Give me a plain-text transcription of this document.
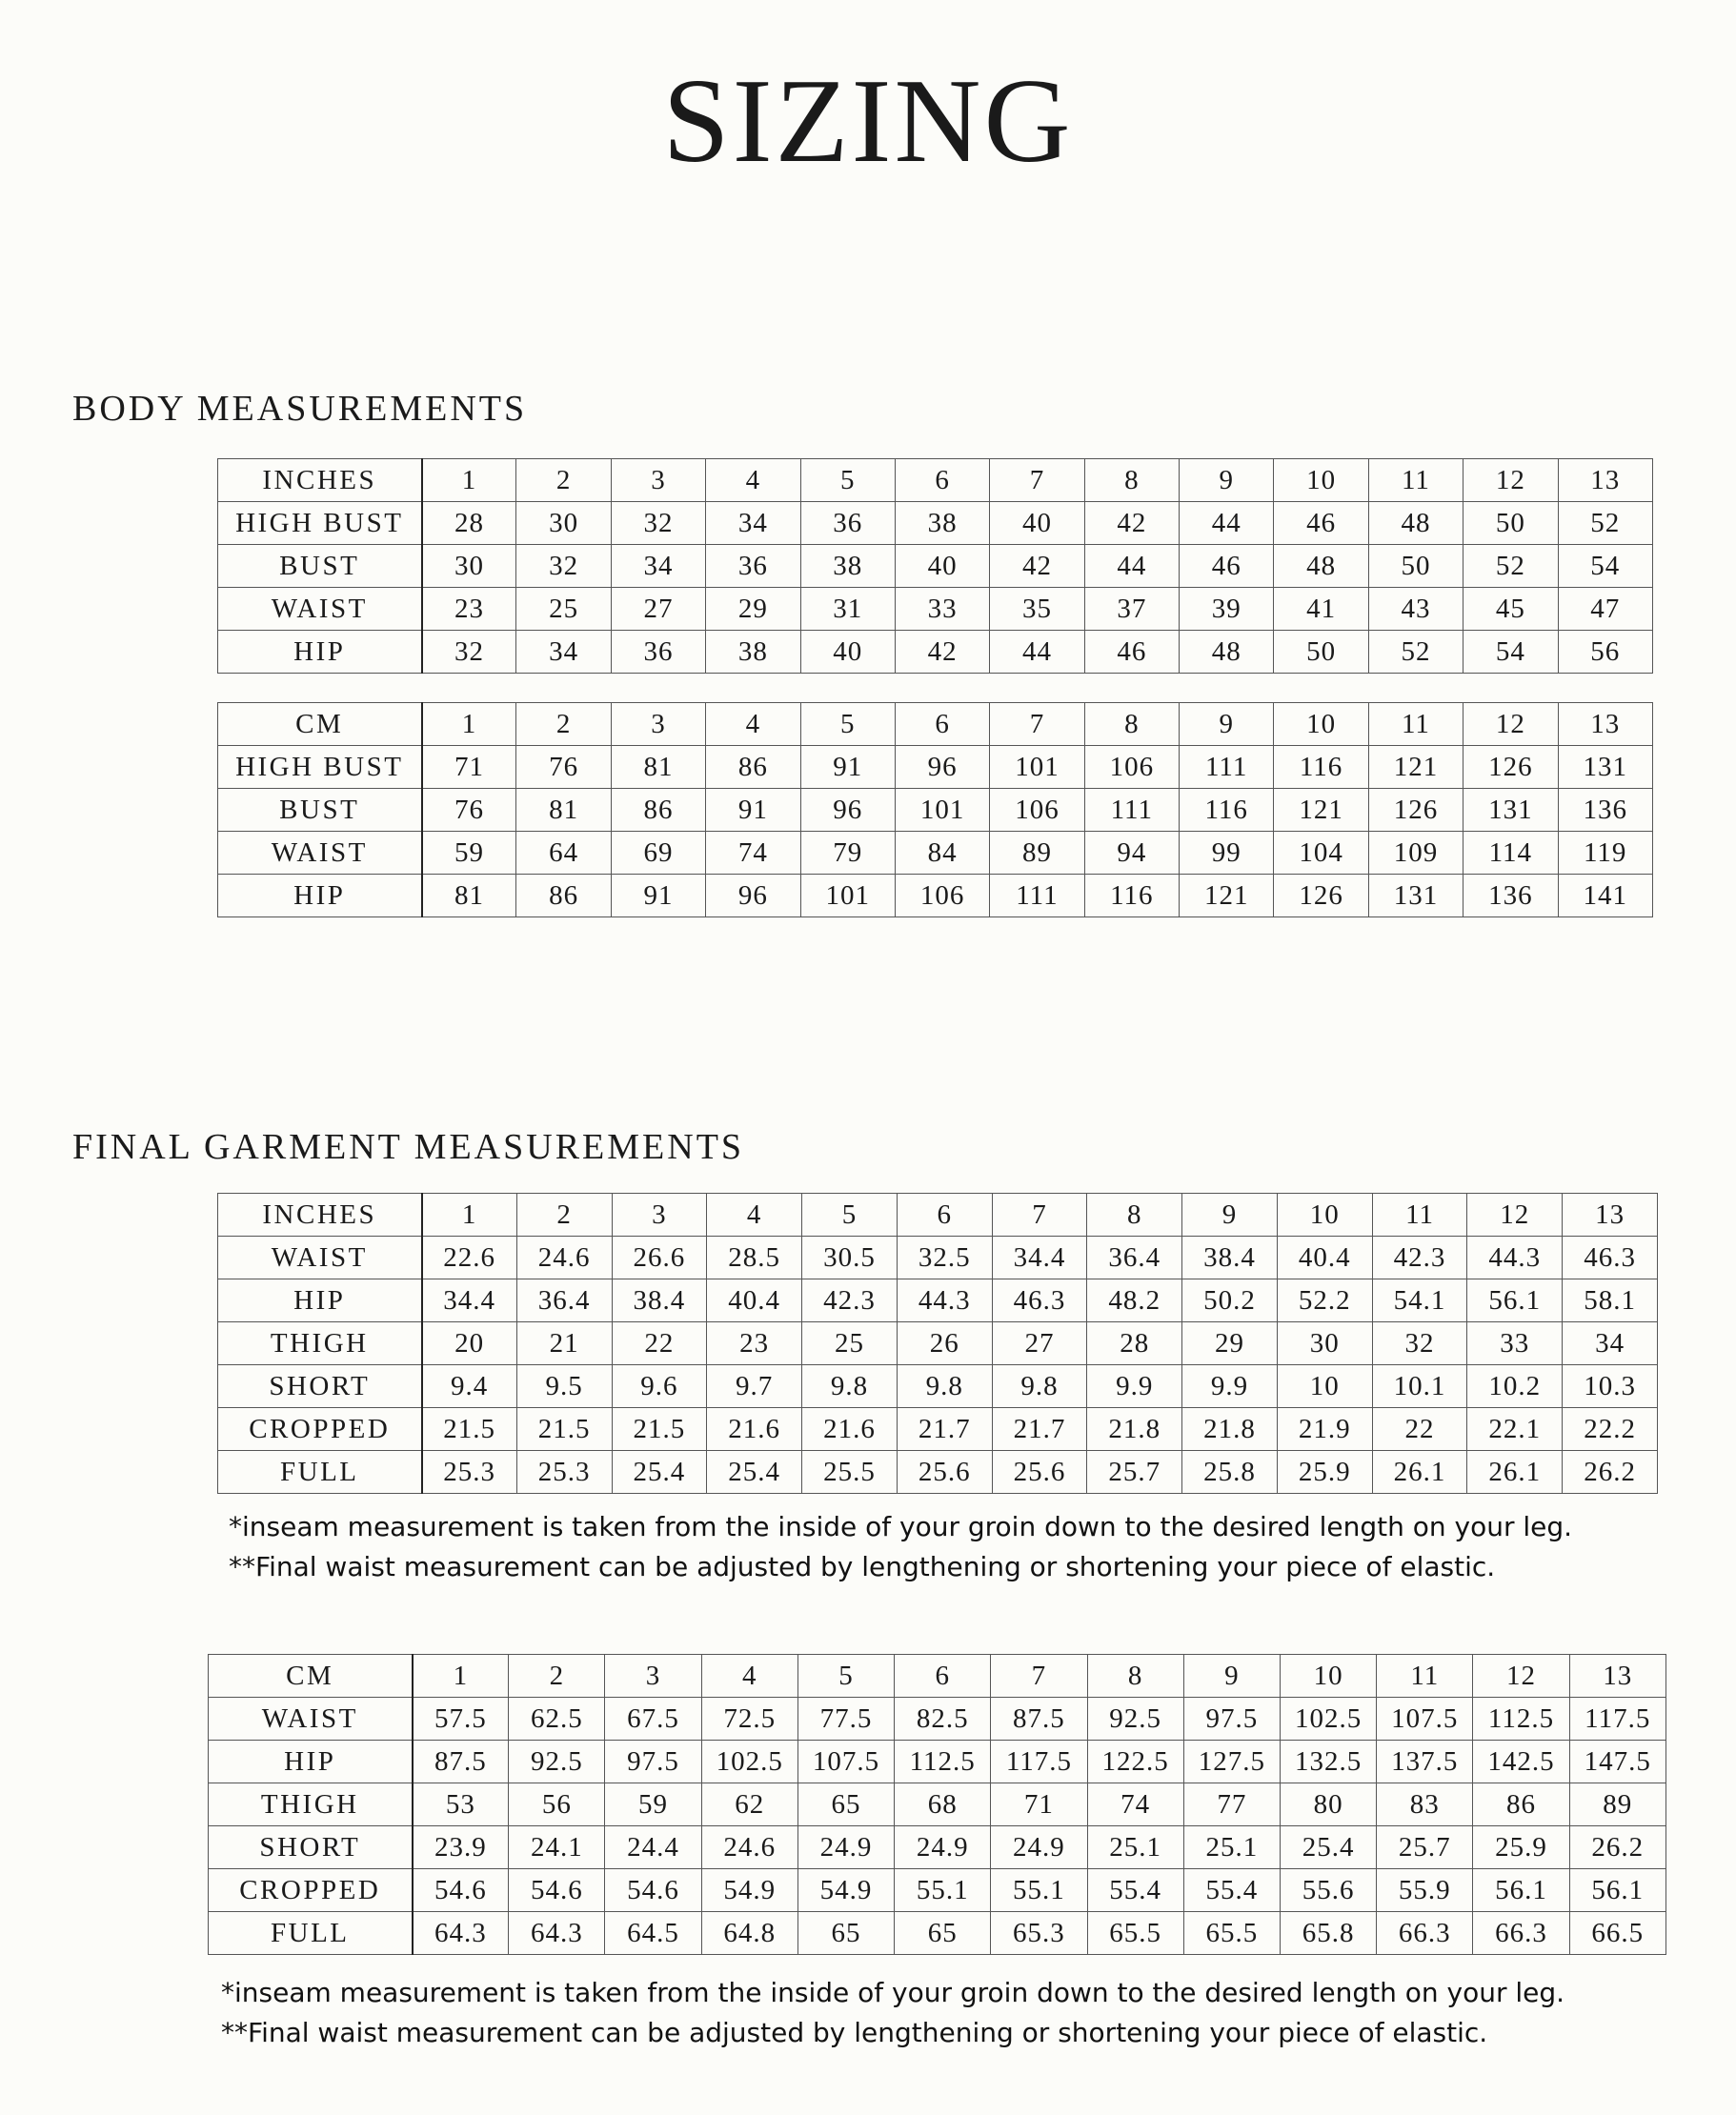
SIZING
BODY MEASUREMENTS
INCHES	1	2	3	4	5	6	7	8	9	10	11	12	13
HIGH BUST	28	30	32	34	36	38	40	42	44	46	48	50	52
BUST	30	32	34	36	38	40	42	44	46	48	50	52	54
WAIST	23	25	27	29	31	33	35	37	39	41	43	45	47
HIP	32	34	36	38	40	42	44	46	48	50	52	54	56
CM	1	2	3	4	5	6	7	8	9	10	11	12	13
HIGH BUST	71	76	81	86	91	96	101	106	111	116	121	126	131
BUST	76	81	86	91	96	101	106	111	116	121	126	131	136
WAIST	59	64	69	74	79	84	89	94	99	104	109	114	119
HIP	81	86	91	96	101	106	111	116	121	126	131	136	141
FINAL GARMENT MEASUREMENTS
INCHES	1	2	3	4	5	6	7	8	9	10	11	12	13
WAIST	22.6	24.6	26.6	28.5	30.5	32.5	34.4	36.4	38.4	40.4	42.3	44.3	46.3
HIP	34.4	36.4	38.4	40.4	42.3	44.3	46.3	48.2	50.2	52.2	54.1	56.1	58.1
THIGH	20	21	22	23	25	26	27	28	29	30	32	33	34
SHORT	9.4	9.5	9.6	9.7	9.8	9.8	9.8	9.9	9.9	10	10.1	10.2	10.3
CROPPED	21.5	21.5	21.5	21.6	21.6	21.7	21.7	21.8	21.8	21.9	22	22.1	22.2
FULL	25.3	25.3	25.4	25.4	25.5	25.6	25.6	25.7	25.8	25.9	26.1	26.1	26.2

*inseam measurement is taken from the inside of your groin down to the desired length on your leg.

**Final waist measurement can be adjusted by lengthening or shortening your piece of elastic.

CM	1	2	3	4	5	6	7	8	9	10	11	12	13
WAIST	57.5	62.5	67.5	72.5	77.5	82.5	87.5	92.5	97.5	102.5	107.5	112.5	117.5
HIP	87.5	92.5	97.5	102.5	107.5	112.5	117.5	122.5	127.5	132.5	137.5	142.5	147.5
THIGH	53	56	59	62	65	68	71	74	77	80	83	86	89
SHORT	23.9	24.1	24.4	24.6	24.9	24.9	24.9	25.1	25.1	25.4	25.7	25.9	26.2
CROPPED	54.6	54.6	54.6	54.9	54.9	55.1	55.1	55.4	55.4	55.6	55.9	56.1	56.1
FULL	64.3	64.3	64.5	64.8	65	65	65.3	65.5	65.5	65.8	66.3	66.3	66.5

*inseam measurement is taken from the inside of your groin down to the desired length on your leg.

**Final waist measurement can be adjusted by lengthening or shortening your piece of elastic.
